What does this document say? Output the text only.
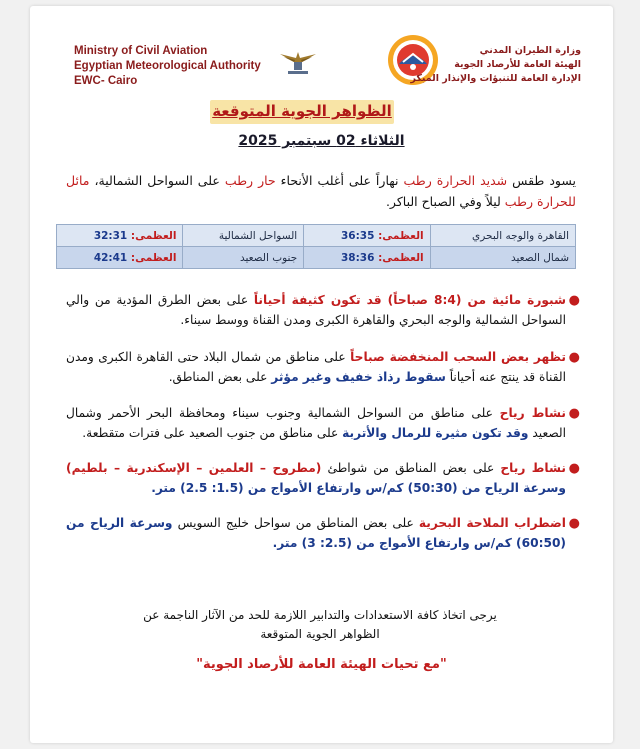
Ministry of Civil Aviation
Egyptian Meteorological Authority
EWC- Cairo
وزارة الطيران المدني
الهيئة العامة للأرصاد الجوية
الإدارة العامة للتنبؤات والإنذار المبكر
الظواهر الجوية المتوقعة
الثلاثاء 02 سبتمبر 2025
يسود طقس شديد الحرارة رطب نهاراً على أغلب الأنحاء حار رطب على السواحل الشمالية، مائل للحرارة رطب ليلاً وفي الصباح الباكر.
القاهرة والوجه البحري	العظمى: 36:35	السواحل الشمالية	العظمى: 32:31
شمال الصعيد	العظمى: 38:36	جنوب الصعيد	العظمى: 42:41
●
شبورة مائية من (8:4 صباحاً) قد تكون كثيفة أحياناً على بعض الطرق المؤدية من والي السواحل الشمالية والوجه البحري والقاهرة الكبرى ومدن القناة ووسط سيناء.
●
تظهر بعض السحب المنخفضة صباحاً على مناطق من شمال البلاد حتى القاهرة الكبرى ومدن القناة قد ينتج عنه أحياناً سقوط رذاذ خفيف وغير مؤثر على بعض المناطق.
●
نشاط رياح على مناطق من السواحل الشمالية وجنوب سيناء ومحافظة البحر الأحمر وشمال الصعيد وقد تكون مثيرة للرمال والأتربة على مناطق من جنوب الصعيد على فترات متقطعة.
●
نشاط رياح على بعض المناطق من شواطئ (مطروح – العلمين – الإسكندرية – بلطيم) وسرعة الرياح من (50:30) كم/س وارتفاع الأمواج من (1.5: 2.5) متر.
●
اضطراب الملاحة البحرية على بعض المناطق من سواحل خليج السويس وسرعة الرياح من (60:50) كم/س وارتفاع الأمواج من (2.5: 3) متر.
يرجى اتخاذ كافة الاستعدادات والتدابير اللازمة للحد من الآثار الناجمة عن
الظواهر الجوية المتوقعة
"مع تحيات الهيئة العامة للأرصاد الجوية"
